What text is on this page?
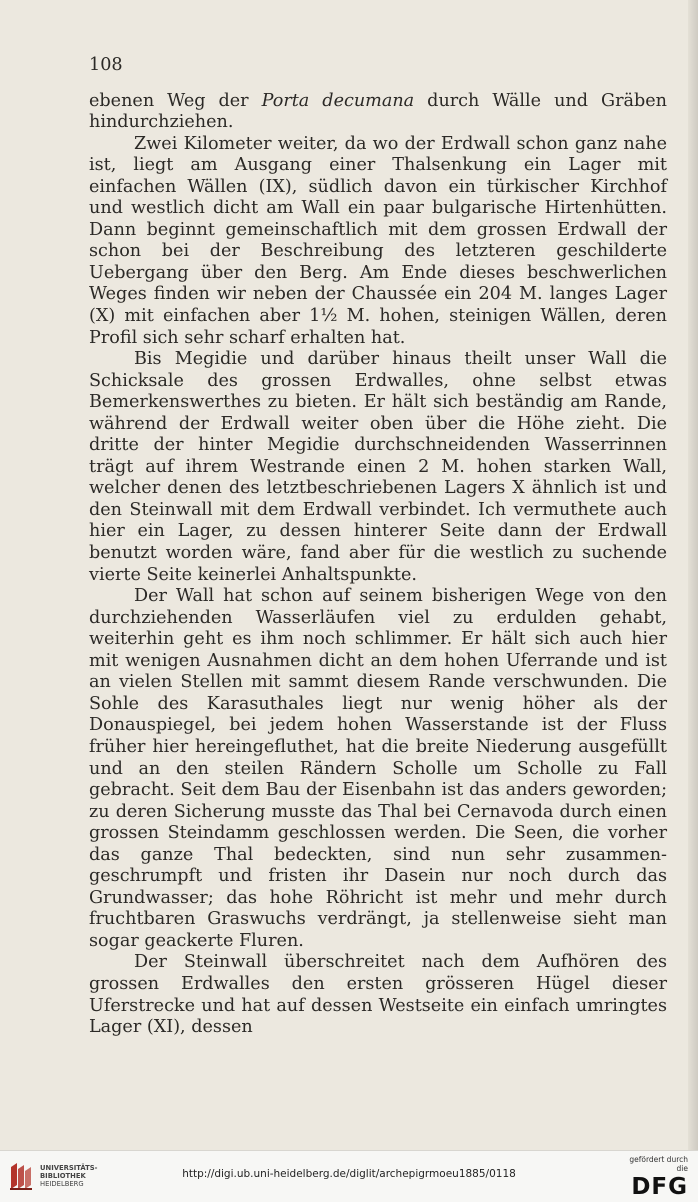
108

ebenen Weg der Porta decumana durch Wälle und Gräben hindurchziehen.

Zwei Kilometer weiter, da wo der Erdwall schon ganz nahe ist, liegt am Ausgang einer Thalsenkung ein Lager mit einfachen Wällen (IX), südlich davon ein türkischer Kirchhof und westlich dicht am Wall ein paar bulgarische Hirtenhütten. Dann beginnt gemeinschaftlich mit dem grossen Erdwall der schon bei der Beschreibung des letzteren geschilderte Uebergang über den Berg. Am Ende dieses beschwerlichen Weges finden wir neben der Chaussée ein 204 M. langes Lager (X) mit einfachen aber 1½ M. hohen, steinigen Wällen, deren Profil sich sehr scharf erhalten hat.

Bis Megidie und darüber hinaus theilt unser Wall die Schicksale des grossen Erdwalles, ohne selbst etwas Bemerkenswerthes zu bieten. Er hält sich beständig am Rande, während der Erdwall weiter oben über die Höhe zieht. Die dritte der hinter Megidie durchschneidenden Wasserrinnen trägt auf ihrem Westrande einen 2 M. hohen starken Wall, welcher denen des letztbeschriebenen Lagers X ähnlich ist und den Steinwall mit dem Erdwall verbindet. Ich vermuthete auch hier ein Lager, zu dessen hinterer Seite dann der Erdwall benutzt worden wäre, fand aber für die westlich zu suchende vierte Seite keinerlei Anhaltspunkte.

Der Wall hat schon auf seinem bisherigen Wege von den durchziehenden Wasserläufen viel zu erdulden gehabt, weiterhin geht es ihm noch schlimmer. Er hält sich auch hier mit wenigen Ausnahmen dicht an dem hohen Uferrande und ist an vielen Stellen mit sammt diesem Rande verschwunden. Die Sohle des Karasuthales liegt nur wenig höher als der Donauspiegel, bei jedem hohen Wasserstande ist der Fluss früher hier hereingefluthet, hat die breite Niederung ausgefüllt und an den steilen Rändern Scholle um Scholle zu Fall gebracht. Seit dem Bau der Eisenbahn ist das anders geworden; zu deren Sicherung musste das Thal bei Cernavoda durch einen grossen Steindamm geschlossen werden. Die Seen, die vorher das ganze Thal bedeckten, sind nun sehr zusammengeschrumpft und fristen ihr Dasein nur noch durch das Grundwasser; das hohe Röhricht ist mehr und mehr durch fruchtbaren Graswuchs verdrängt, ja stellenweise sieht man sogar geackerte Fluren.

Der Steinwall überschreitet nach dem Aufhören des grossen Erdwalles den ersten grösseren Hügel dieser Uferstrecke und hat auf dessen Westseite ein einfach umringtes Lager (XI), dessen

UNIVERSITÄTS-
BIBLIOTHEK
HEIDELBERG
http://digi.ub.uni-heidelberg.de/diglit/archepigrmoeu1885/0118
gefördert durch die
DFG
